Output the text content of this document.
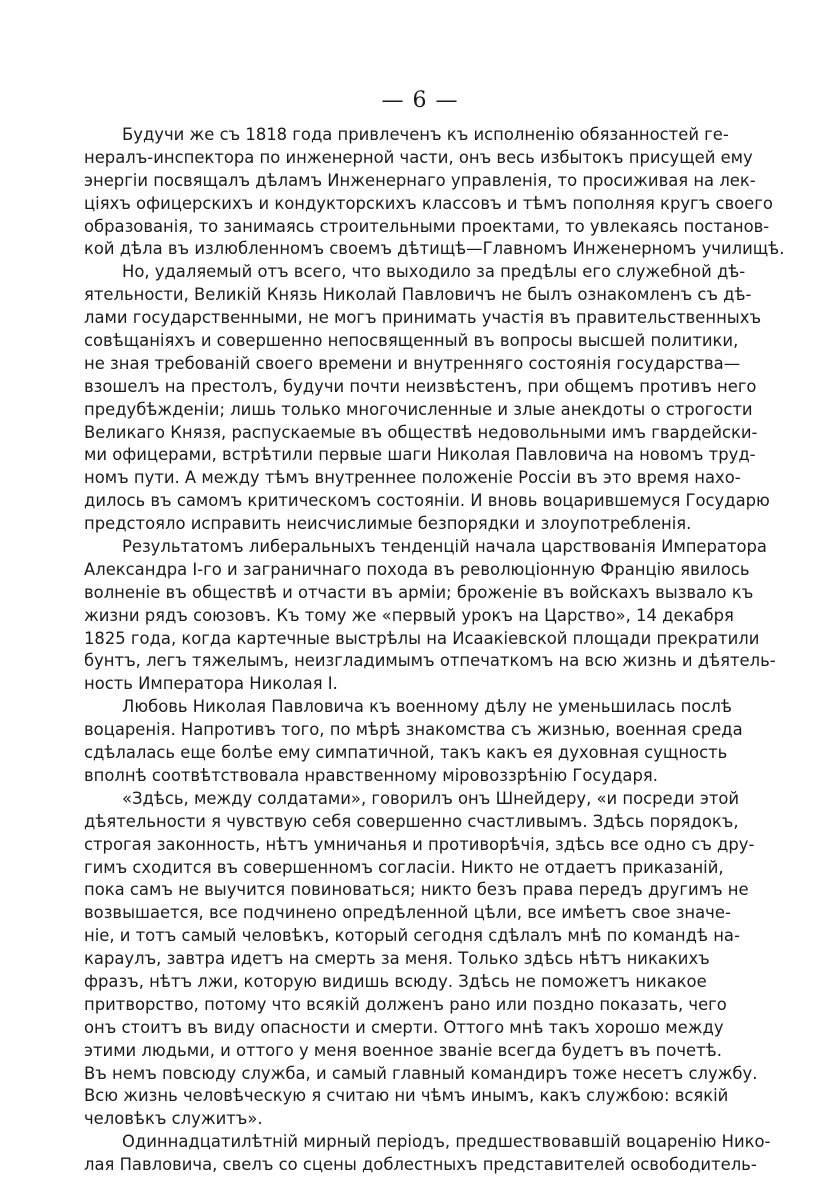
— 6 —
Будучи же съ 1818 года привлеченъ къ исполненію обязанностей ге-
нералъ-инспектора по инженерной части, онъ весь избытокъ присущей ему
энергіи посвящалъ дѣламъ Инженернаго управленія, то просиживая на лек-
ціяхъ офицерскихъ и кондукторскихъ классовъ и тѣмъ пополняя кругъ своего
образованія, то занимаясь строительными проектами, то увлекаясь постанов-
кой дѣла въ излюбленномъ своемъ дѣтищѣ—Главномъ Инженерномъ училищѣ.
Но, удаляемый отъ всего, что выходило за предѣлы его служебной дѣ-
ятельности, Великій Князь Николай Павловичъ не былъ ознакомленъ съ дѣ-
лами государственными, не могъ принимать участія въ правительственныхъ
совѣщаніяхъ и совершенно непосвященный въ вопросы высшей политики,
не зная требованій своего времени и внутренняго состоянія государства—
взошелъ на престолъ, будучи почти неизвѣстенъ, при общемъ противъ него
предубѣжденіи; лишь только многочисленные и злые анекдоты о строгости
Великаго Князя, распускаемые въ обществѣ недовольными имъ гвардейски-
ми офицерами, встрѣтили первые шаги Николая Павловича на новомъ труд-
номъ пути. А между тѣмъ внутреннее положеніе Россіи въ это время нахо-
дилось въ самомъ критическомъ состояніи. И вновь воцарившемуся Государю
предстояло исправить неисчислимые безпорядки и злоупотребленія.
Результатомъ либеральныхъ тенденцій начала царствованія Императора
Александра I-го и заграничнаго похода въ революціонную Францію явилось
волненіе въ обществѣ и отчасти въ арміи; броженіе въ войскахъ вызвало къ
жизни рядъ союзовъ. Къ тому же «первый урокъ на Царство», 14 декабря
1825 года, когда картечные выстрѣлы на Исаакіевской площади прекратили
бунтъ, легъ тяжелымъ, неизгладимымъ отпечаткомъ на всю жизнь и дѣятель-
ность Императора Николая I.
Любовь Николая Павловича къ военному дѣлу не уменьшилась послѣ
воцаренія. Напротивъ того, по мѣрѣ знакомства съ жизнью, военная среда
сдѣлалась еще болѣе ему симпатичной, такъ какъ ея духовная сущность
вполнѣ соотвѣтствовала нравственному міровоззрѣнію Государя.
«Здѣсь, между солдатами», говорилъ онъ Шнейдеру, «и посреди этой
дѣятельности я чувствую себя совершенно счастливымъ. Здѣсь порядокъ,
строгая законность, нѣтъ умничанья и противорѣчія, здѣсь все одно съ дру-
гимъ сходится въ совершенномъ согласіи. Никто не отдаетъ приказаній,
пока самъ не выучится повиноваться; никто безъ права передъ другимъ не
возвышается, все подчинено опредѣленной цѣли, все имѣетъ свое значе-
ніе, и тотъ самый человѣкъ, который сегодня сдѣлалъ мнѣ по командѣ на-
караулъ, завтра идетъ на смерть за меня. Только здѣсь нѣтъ никакихъ
фразъ, нѣтъ лжи, которую видишь всюду. Здѣсь не поможетъ никакое
притворство, потому что всякій долженъ рано или поздно показать, чего
онъ стоитъ въ виду опасности и смерти. Оттого мнѣ такъ хорошо между
этими людьми, и оттого у меня военное званіе всегда будетъ въ почетѣ.
Въ немъ повсюду служба, и самый главный командиръ тоже несетъ службу.
Всю жизнь человѣческую я считаю ни чѣмъ инымъ, какъ службою: всякій
человѣкъ служитъ».
Одиннадцатилѣтній мирный періодъ, предшествовавшій воцаренію Нико-
лая Павловича, свелъ со сцены доблестныхъ представителей освободитель-
